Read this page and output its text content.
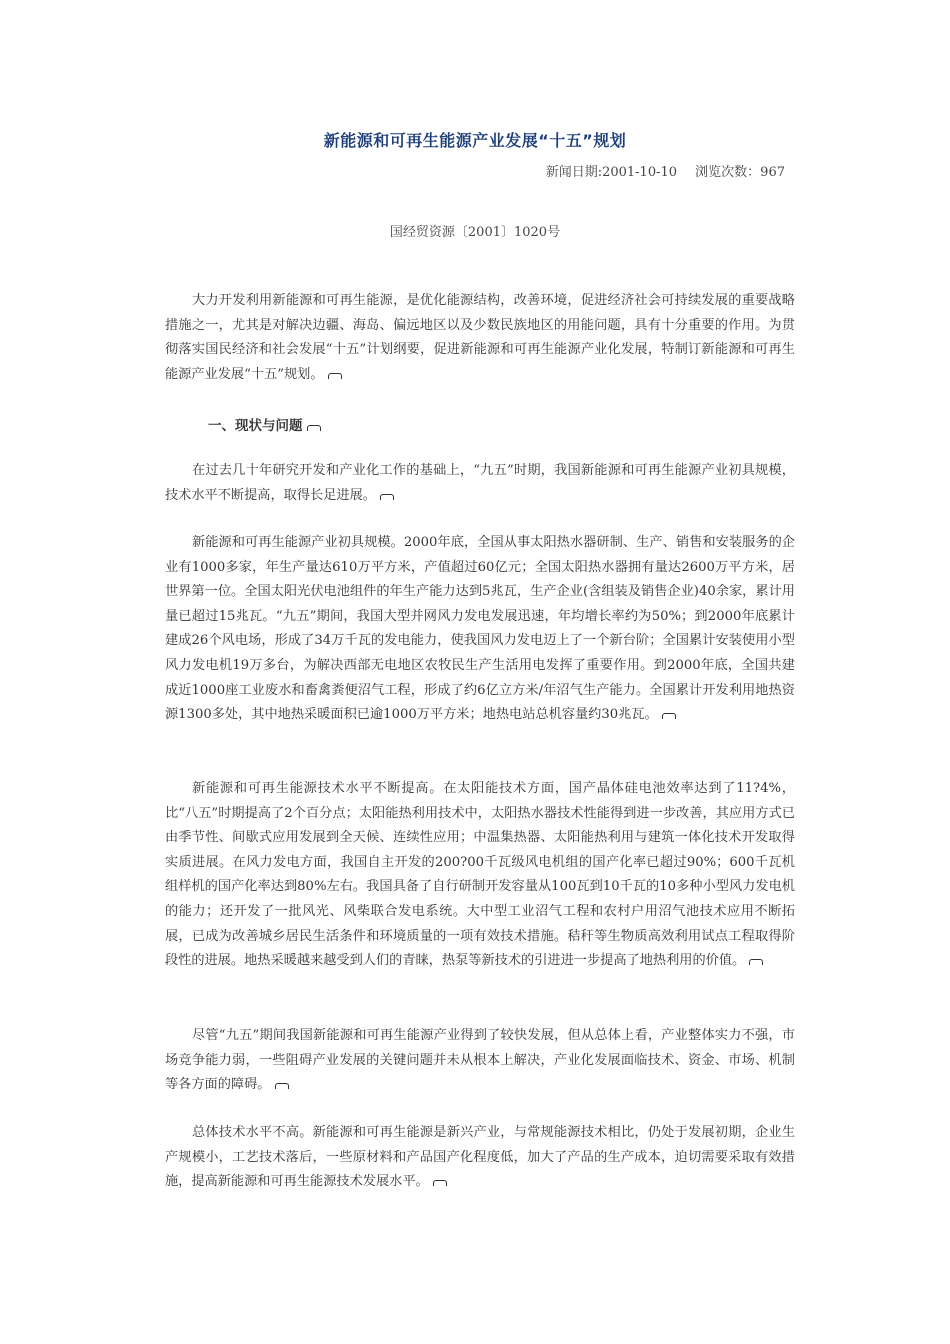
新能源和可再生能源产业发展“十五”规划
新闻日期:2001-10-10 浏览次数：967
国经贸资源〔2001〕1020号

大力开发利用新能源和可再生能源，是优化能源结构，改善环境，促进经济社会可持续发展的重要战略措施之一，尤其是对解决边疆、海岛、偏远地区以及少数民族地区的用能问题，具有十分重要的作用。为贯彻落实国民经济和社会发展“十五”计划纲要，促进新能源和可再生能源产业化发展，特制订新能源和可再生能源产业发展“十五”规划。

一、现状与问题

在过去几十年研究开发和产业化工作的基础上，“九五”时期，我国新能源和可再生能源产业初具规模，技术水平不断提高，取得长足进展。

新能源和可再生能源产业初具规模。2000年底，全国从事太阳热水器研制、生产、销售和安装服务的企业有1000多家，年生产量达610万平方米，产值超过60亿元；全国太阳热水器拥有量达2600万平方米，居世界第一位。全国太阳光伏电池组件的年生产能力达到5兆瓦，生产企业(含组装及销售企业)40余家，累计用量已超过15兆瓦。“九五”期间，我国大型并网风力发电发展迅速，年均增长率约为50%；到2000年底累计建成26个风电场，形成了34万千瓦的发电能力，使我国风力发电迈上了一个新台阶；全国累计安装使用小型风力发电机19万多台，为解决西部无电地区农牧民生产生活用电发挥了重要作用。到2000年底，全国共建成近1000座工业废水和畜禽粪便沼气工程，形成了约6亿立方米/年沼气生产能力。全国累计开发利用地热资源1300多处，其中地热采暖面积已逾1000万平方米；地热电站总机容量约30兆瓦。

新能源和可再生能源技术水平不断提高。在太阳能技术方面，国产晶体硅电池效率达到了11?4%，比“八五”时期提高了2个百分点；太阳能热利用技术中，太阳热水器技术性能得到进一步改善，其应用方式已由季节性、间歇式应用发展到全天候、连续性应用；中温集热器、太阳能热利用与建筑一体化技术开发取得实质进展。在风力发电方面，我国自主开发的200?00千瓦级风电机组的国产化率已超过90%；600千瓦机组样机的国产化率达到80%左右。我国具备了自行研制开发容量从100瓦到10千瓦的10多种小型风力发电机的能力；还开发了一批风光、风柴联合发电系统。大中型工业沼气工程和农村户用沼气池技术应用不断拓展，已成为改善城乡居民生活条件和环境质量的一项有效技术措施。秸秆等生物质高效利用试点工程取得阶段性的进展。地热采暖越来越受到人们的青睐，热泵等新技术的引进进一步提高了地热利用的价值。

尽管“九五”期间我国新能源和可再生能源产业得到了较快发展，但从总体上看，产业整体实力不强，市场竞争能力弱，一些阻碍产业发展的关键问题并未从根本上解决，产业化发展面临技术、资金、市场、机制等各方面的障碍。

总体技术水平不高。新能源和可再生能源是新兴产业，与常规能源技术相比，仍处于发展初期，企业生产规模小，工艺技术落后，一些原材料和产品国产化程度低，加大了产品的生产成本，迫切需要采取有效措施，提高新能源和可再生能源技术发展水平。
